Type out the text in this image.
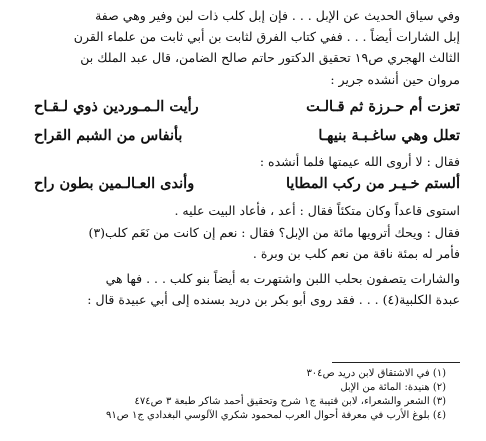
وفي سياق الحديث عن الإبل . . . فإن إبل كلب ذات لبن وفير وهي صفة
إبل الشارات أيضاً . . . ففي كتاب الفرق لثابت بن أبي ثابت من علماء القرن
الثالث الهجري ص١٩ تحقيق الدكتور حاتم صالح الضامن، قال عبد الملك بن
مروان حين أنشده جرير :
تعزت أم حـرزة ثم قـالـت
رأيت الـمـوردين ذوي لـقـاح
تعلل وهي ساغـبـة بنيهـا
بأنفاس من الشبم القراح
فقال : لا أروى الله عيمتها فلما أنشده :
ألستم خـيـر من ركب المطايا
وأندى العـالـمين بطون راح
استوى قاعداً وكان متكئاً فقال : أعد ، فأعاد البيت عليه .
فقال : ويحك أترويها مائة من الإبل؟ فقال : نعم إن كانت من نَعَم كلب(٣)
فأمر له بمئة ناقة من نعم كلب بن وبرة .
والشارات يتصفون بحلب اللبن واشتهرت به أيضاً بنو كلب . . . فها هي
عبدة الكلبية(٤) . . . فقد روى أبو بكر بن دريد بسنده إلى أبي عبيدة قال :
(١) في الاشتقاق لابن دريد ص٣٠٤
(٢) هنيدة: المائة من الإبل
(٣) الشعر والشعراء، لابن قتيبة ج١ شرح وتحقيق أحمد شاكر طبعة ٣ ص٤٧٤
(٤) بلوغ الأرب في معرفة أحوال العرب لمحمود شكري الآلوسي البغدادي ج١ ص٩١
